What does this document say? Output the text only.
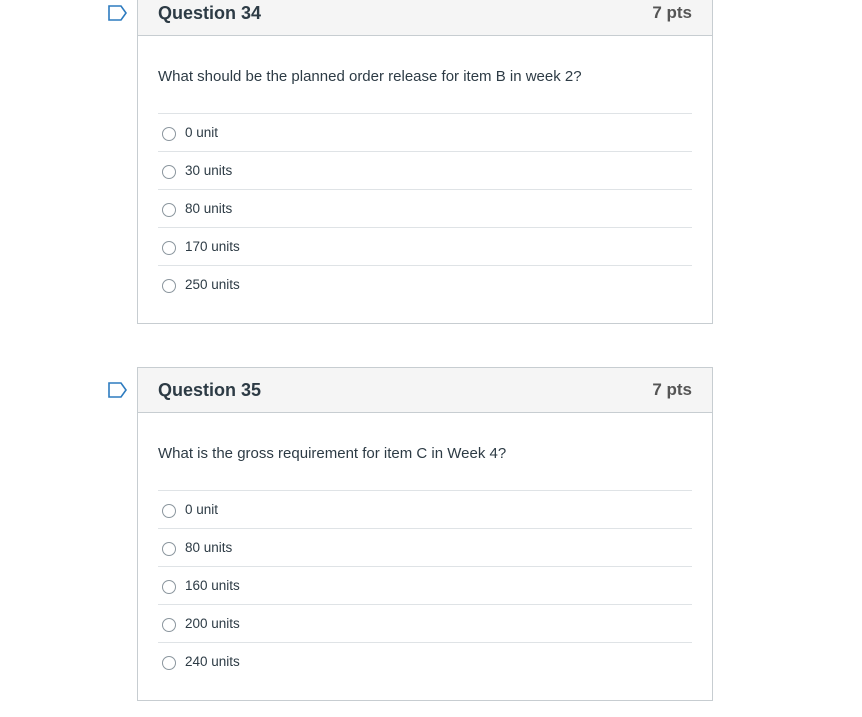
Question 34	7 pts

What should be the planned order release for item B in week 2?

0 unit
30 units
80 units
170 units
250 units
Question 35	7 pts

What is the gross requirement for item C in Week 4?

0 unit
80 units
160 units
200 units
240 units
